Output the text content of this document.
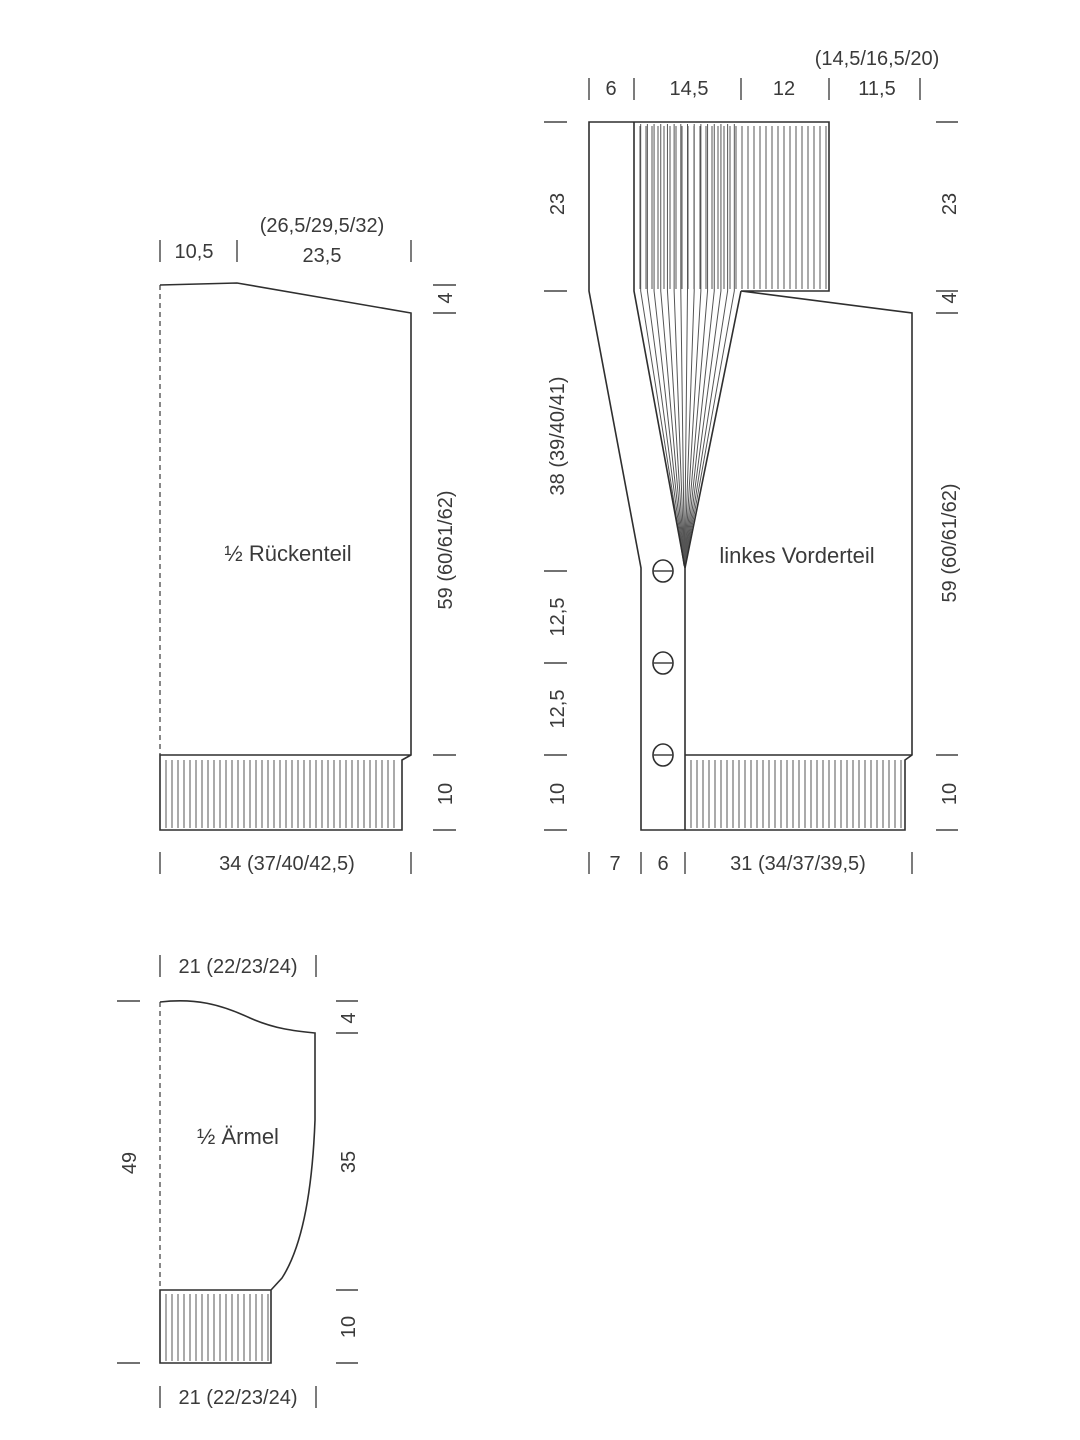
½ Rückenteil
10,5
(26,5/29,5/32)
23,5
4
59 (60/61/62)
10
34 (37/40/42,5)
linkes Vorderteil
6	14,5	12
(14,5/16,5/20)
11,5
23
38 (39/40/41)
12,5
12,5
10
23
4
59 (60/61/62)
10
7 6	31 (34/37/39,5)
½ Ärmel
21 (22/23/24)
49
4
35
10
21 (22/23/24)
